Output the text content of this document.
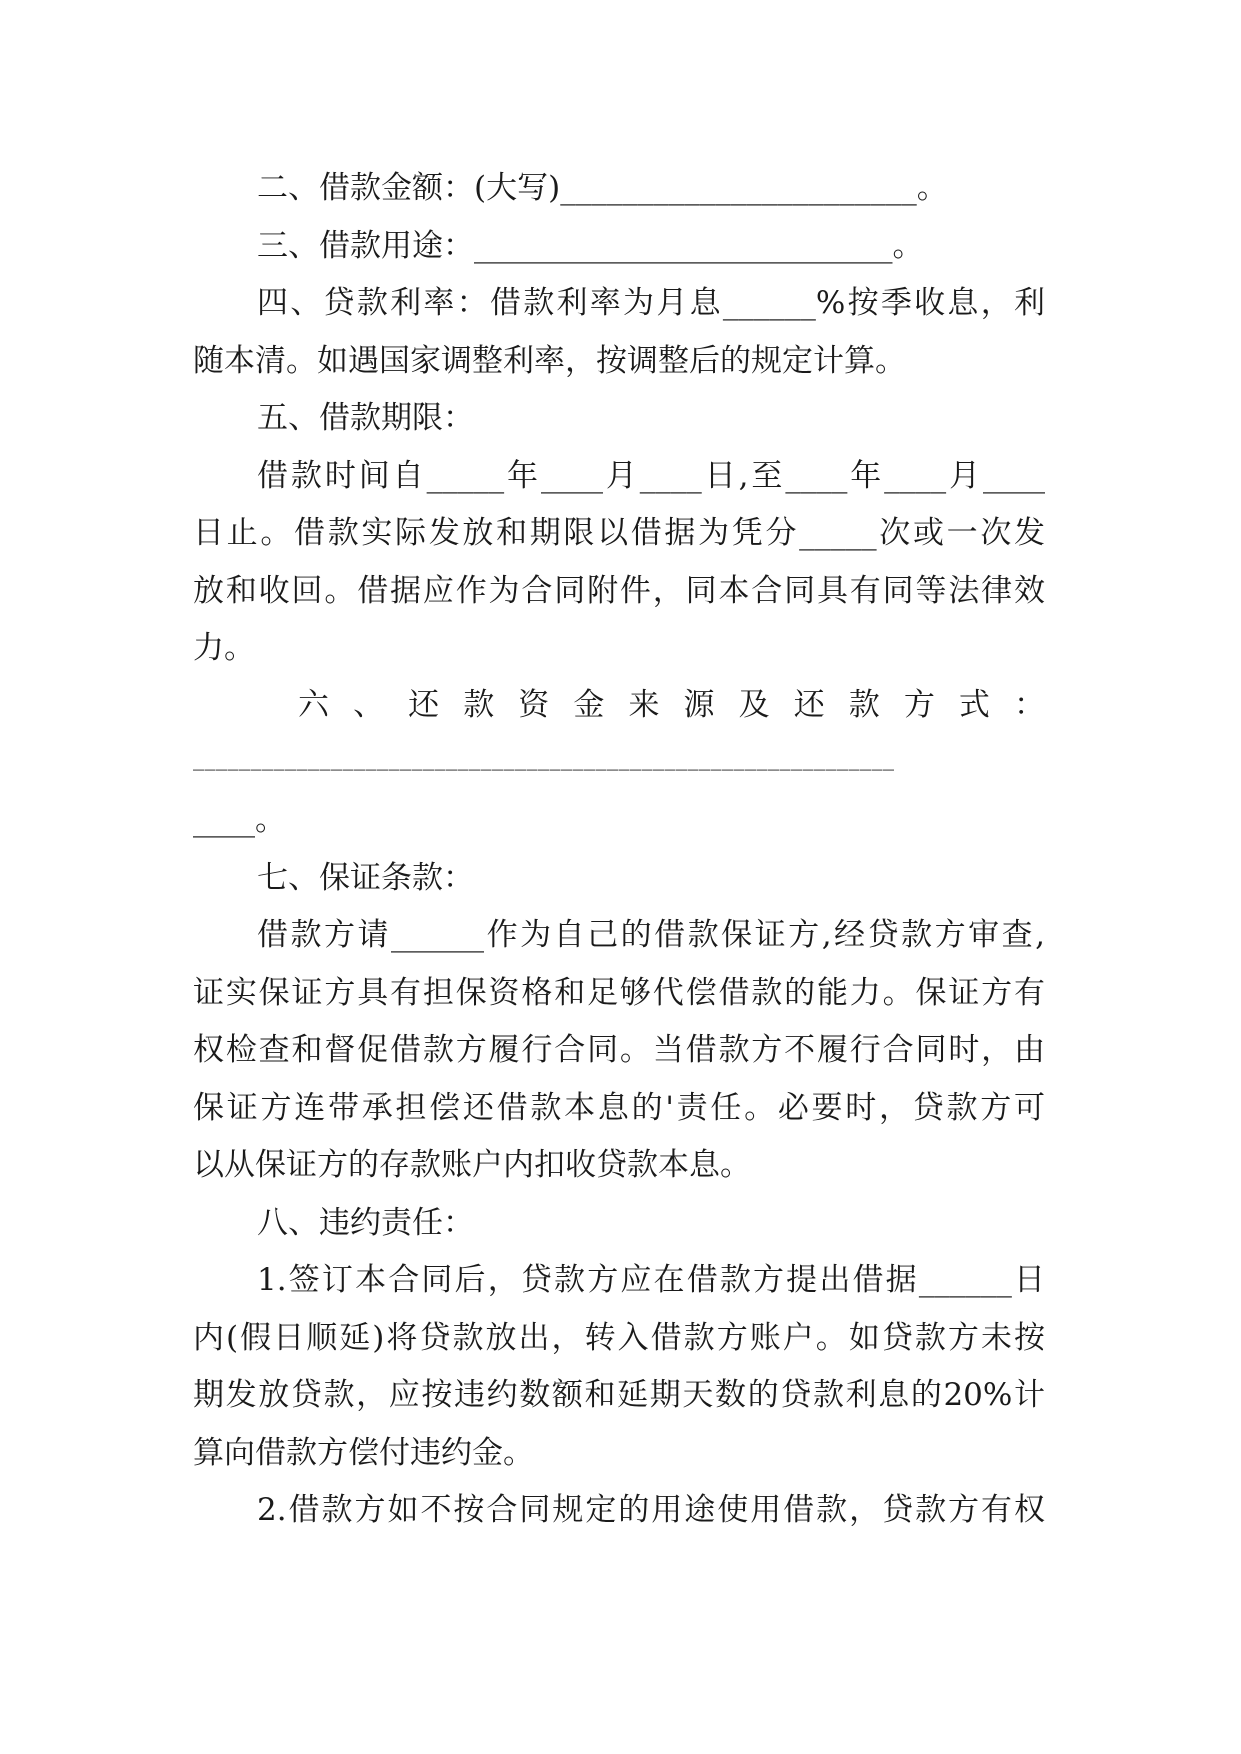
二、借款金额：(大写)_______________________。
三、借款用途：___________________________。
四、贷款利率：借款利率为月息______%按季收息，利
随本清。如遇国家调整利率，按调整后的规定计算。
五、借款期限：
借款时间自_____年____月____日,至____年____月____
日止。借款实际发放和期限以借据为凭分_____次或一次发
放和收回。借据应作为合同附件，同本合同具有同等法律效
力。
六、还款资金来源及还款方式：
_____________________________________________________________
____。
七、保证条款：
借款方请______作为自己的借款保证方,经贷款方审查,
证实保证方具有担保资格和足够代偿借款的能力。保证方有
权检查和督促借款方履行合同。当借款方不履行合同时，由
保证方连带承担偿还借款本息的'责任。必要时，贷款方可
以从保证方的存款账户内扣收贷款本息。
八、违约责任：
1.签订本合同后，贷款方应在借款方提出借据______日
内(假日顺延)将贷款放出，转入借款方账户。如贷款方未按
期发放贷款，应按违约数额和延期天数的贷款利息的20%计
算向借款方偿付违约金。
2.借款方如不按合同规定的用途使用借款，贷款方有权
